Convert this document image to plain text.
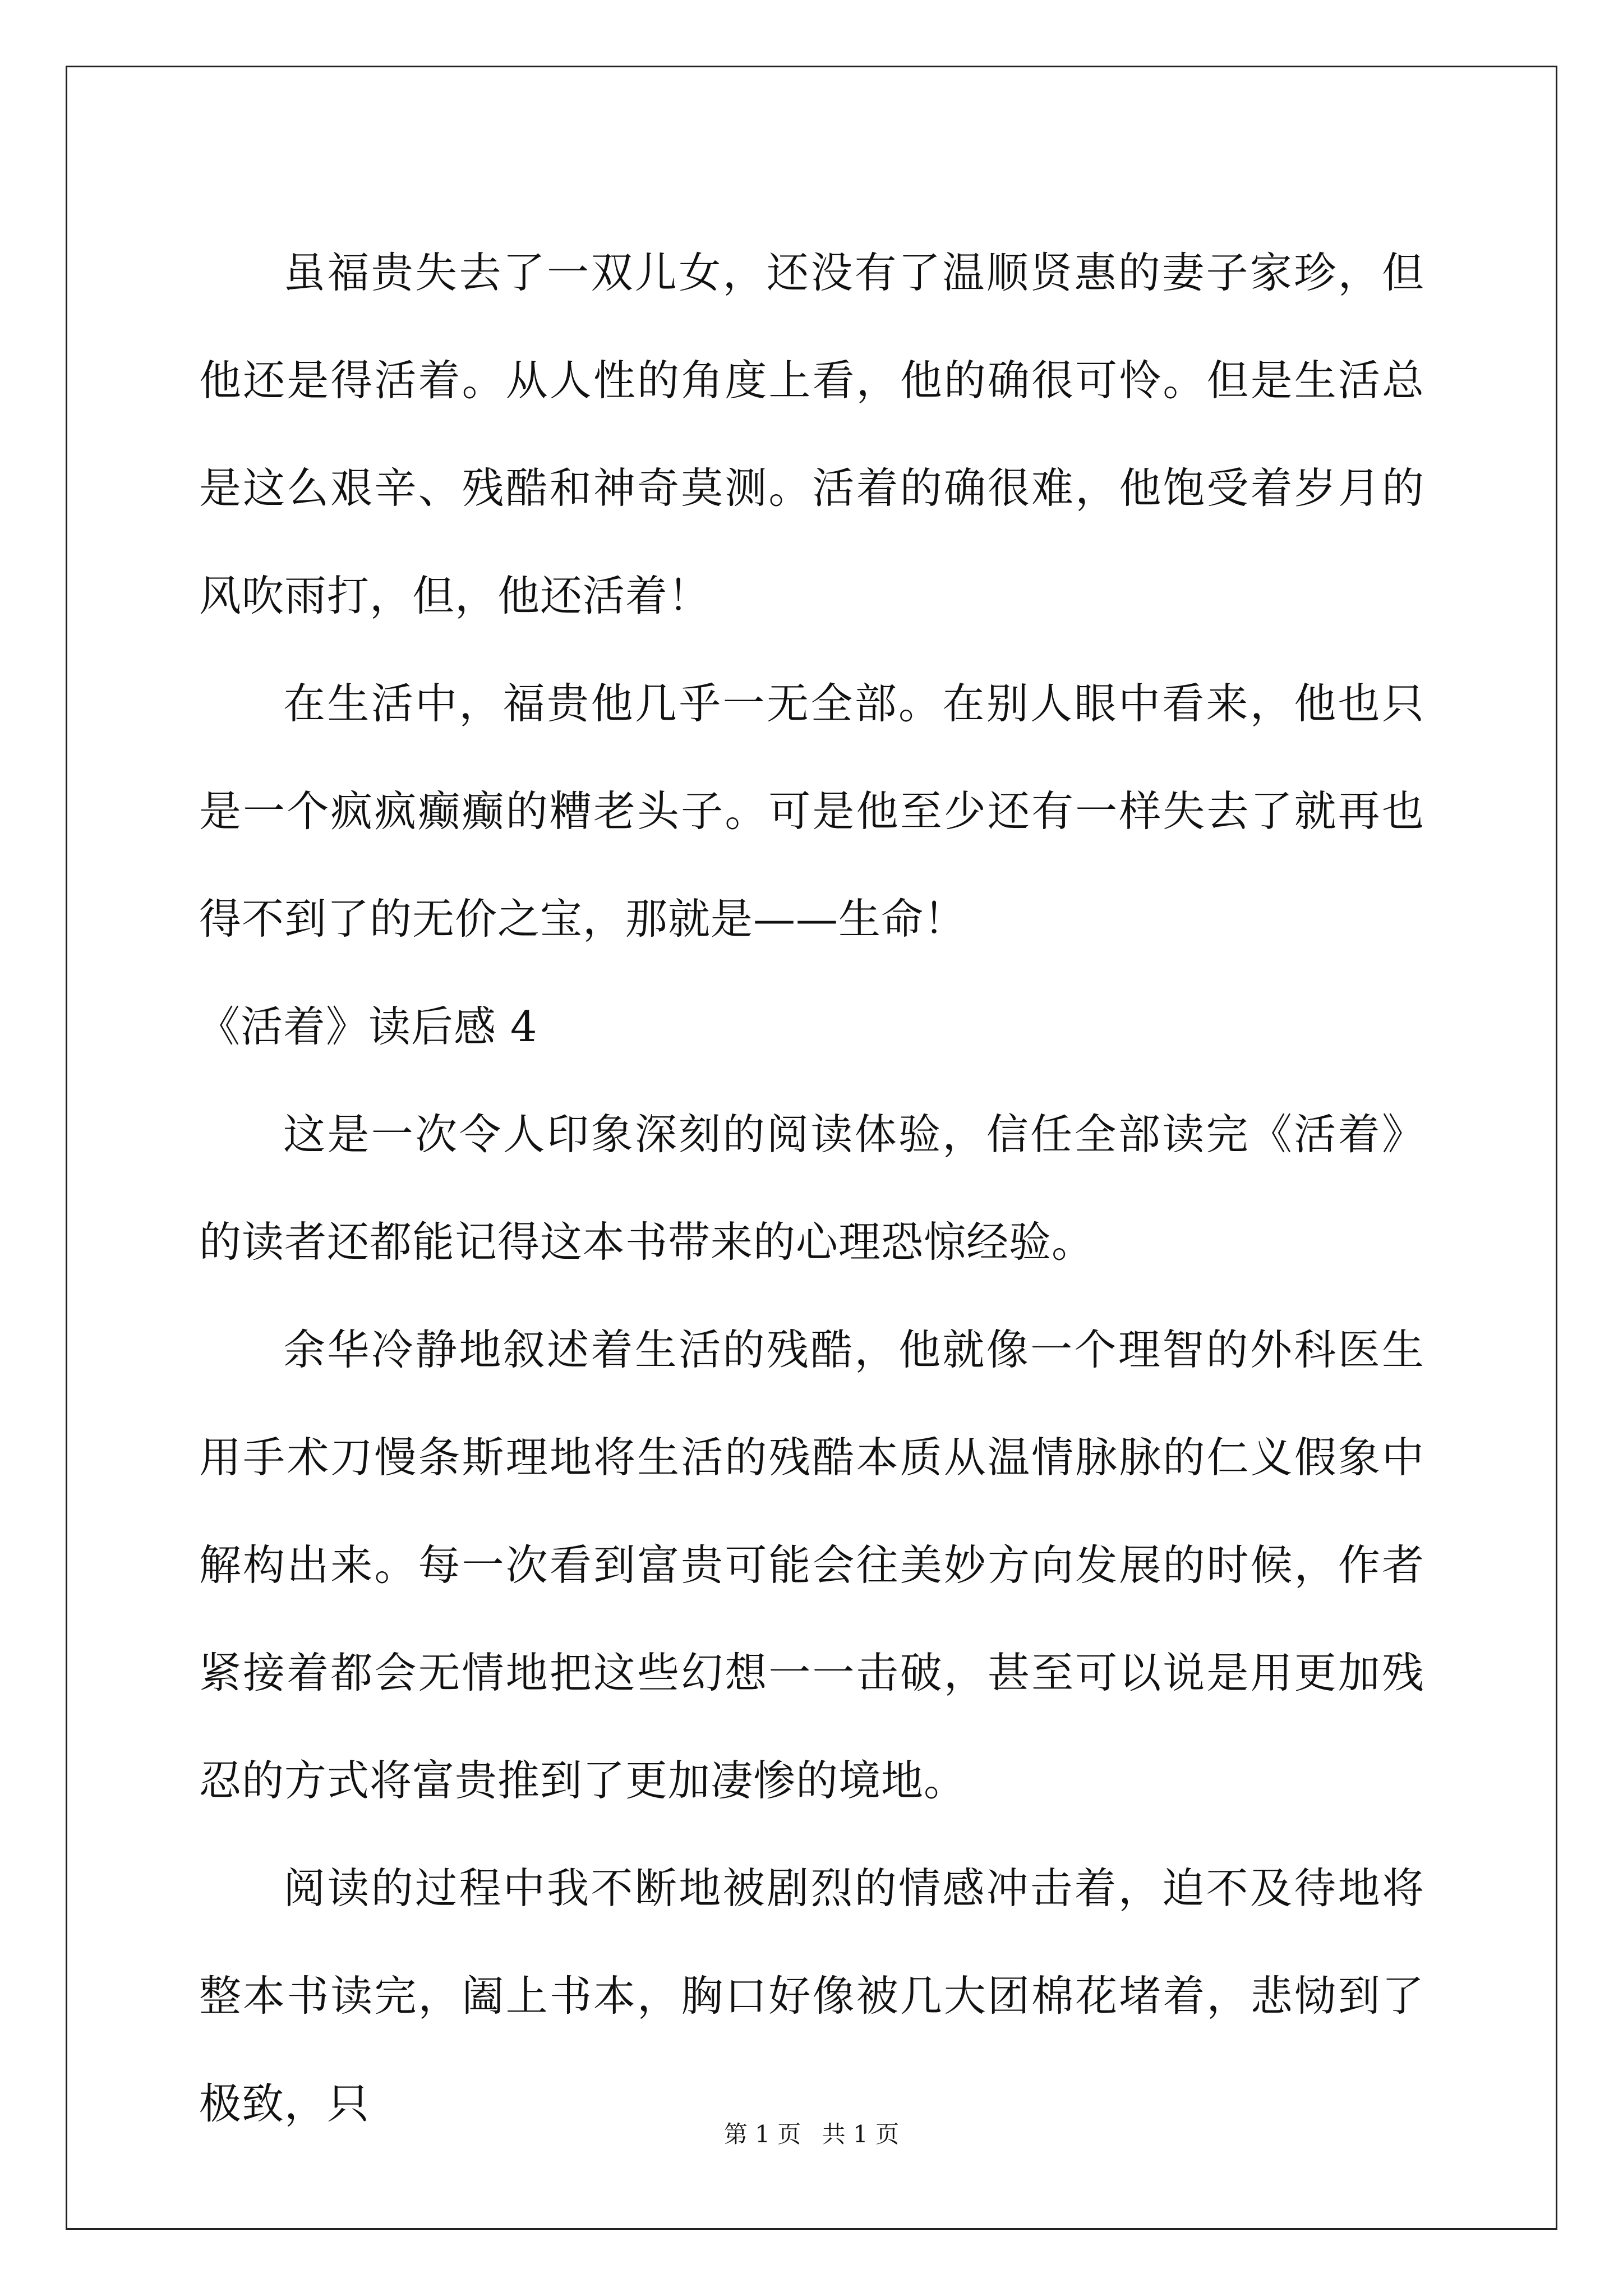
虽福贵失去了一双儿女，还没有了温顺贤惠的妻子家珍，但他还是得活着。从人性的角度上看，他的确很可怜。但是生活总是这么艰辛、残酷和神奇莫测。活着的确很难，他饱受着岁月的风吹雨打，但，他还活着！

在生活中，福贵他几乎一无全部。在别人眼中看来，他也只是一个疯疯癫癫的糟老头子。可是他至少还有一样失去了就再也得不到了的无价之宝，那就是——生命！

《活着》读后感 4

这是一次令人印象深刻的阅读体验，信任全部读完《活着》的读者还都能记得这本书带来的心理恐惊经验。

余华冷静地叙述着生活的残酷，他就像一个理智的外科医生用手术刀慢条斯理地将生活的残酷本质从温情脉脉的仁义假象中解构出来。每一次看到富贵可能会往美妙方向发展的时候，作者紧接着都会无情地把这些幻想一一击破，甚至可以说是用更加残忍的方式将富贵推到了更加凄惨的境地。

阅读的过程中我不断地被剧烈的情感冲击着，迫不及待地将整本书读完，阖上书本，胸口好像被几大团棉花堵着，悲恸到了极致，只

第 1 页 共 1 页
